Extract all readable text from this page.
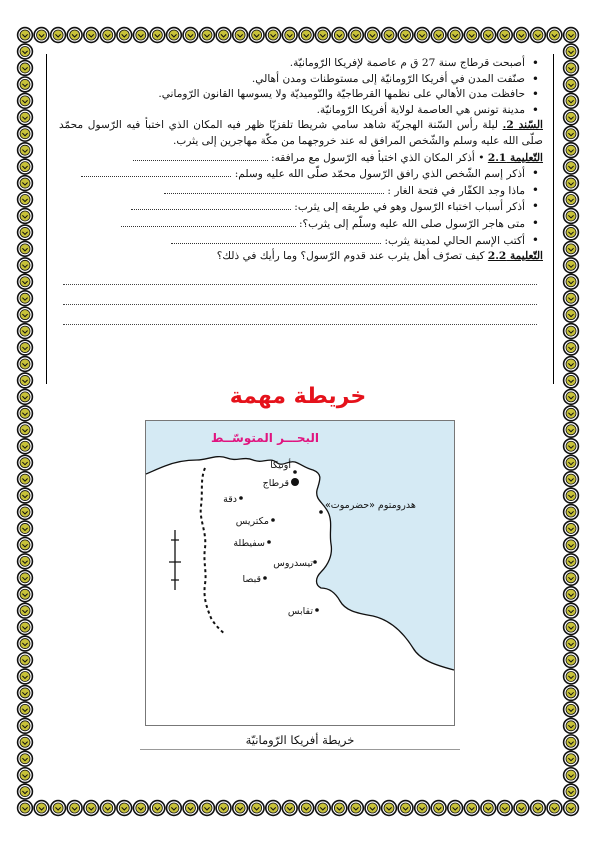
• أصبحت قرطاج سنة 27 ق م عاصمة لإفريكا الرّومانيّة.
• صنّفت المدن في أفريكا الرّومانيّة إلى مستوطنات ومدن أهالي.
• حافظت مدن الأهالي على نظمها القرطاجيّة والنّوميديّة ولا يسوسها القانون الرّوماني.
• مدينة تونس هي العاصمة لولاية أفريكا الرّومانيّة.
السّند 2. ليلة رأس السّنة الهجريّة شاهد سامي شريطا تلفزيّا ظهر فيه المكان الذي اختبأ فيه الرّسول محمّد صلّى الله عليه وسلم والشّخص المرافق له عند خروجهما من مكّة مهاجرين إلى يثرب.
التّعليمة 2.1 • أذكر المكان الذي اختبأ فيه الرّسول مع مرافقه:
• أذكر إسم الشّخص الذي رافق الرّسول محمّد صلّى الله عليه وسلم:
• ماذا وجد الكفّار في فتحة الغار :
• أذكر أسباب اختباء الرّسول وهو في طريقه إلى يثرب:
• متى هاجر الرّسول صلى الله عليه وسلّم إلى يثرب؟:
• أكتب الإسم الحالي لمدينة يثرب:
التّعليمة 2.2 كيف تصرّف أهل يثرب عند قدوم الرّسول؟ وما رأيك في ذلك؟
خريطة مهمة
البحـــر المتوسّــط
أوتيكا
قرطاج
دقة
مكتريس
سفيطلة
قبصا
تيسدروس
هدرومتوم «حضرموت»
تقابس
خريطة أفريكا الرّومانيّة
